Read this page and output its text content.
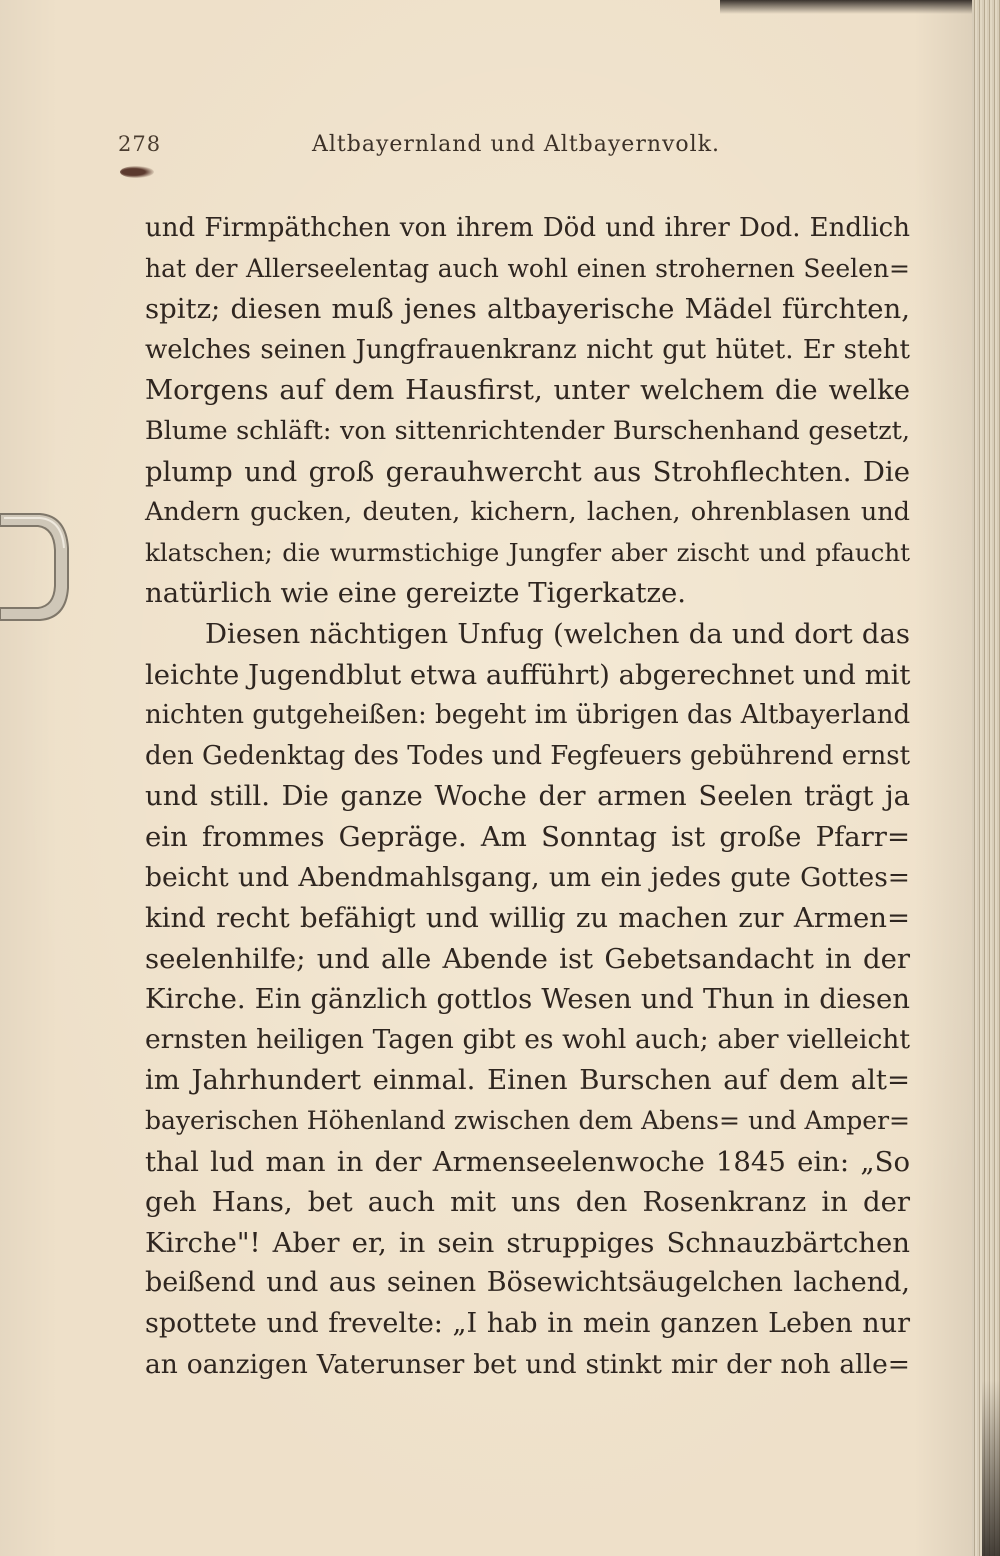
278	Altbayernland und Altbayernvolk.
und Firmpäthchen von ihrem Död und ihrer Dod. Endlich
hat der Allerseelentag auch wohl einen strohernen Seelen=
spitz; diesen muß jenes altbayerische Mädel fürchten,
welches seinen Jungfrauenkranz nicht gut hütet. Er steht
Morgens auf dem Hausfirst, unter welchem die welke
Blume schläft: von sittenrichtender Burschenhand gesetzt,
plump und groß gerauhwercht aus Strohflechten. Die
Andern gucken, deuten, kichern, lachen, ohrenblasen und
klatschen; die wurmstichige Jungfer aber zischt und pfaucht
natürlich wie eine gereizte Tigerkatze.
Diesen nächtigen Unfug (welchen da und dort das
leichte Jugendblut etwa aufführt) abgerechnet und mit
nichten gutgeheißen: begeht im übrigen das Altbayerland
den Gedenktag des Todes und Fegfeuers gebührend ernst
und still. Die ganze Woche der armen Seelen trägt ja
ein frommes Gepräge. Am Sonntag ist große Pfarr=
beicht und Abendmahlsgang, um ein jedes gute Gottes=
kind recht befähigt und willig zu machen zur Armen=
seelenhilfe; und alle Abende ist Gebetsandacht in der
Kirche. Ein gänzlich gottlos Wesen und Thun in diesen
ernsten heiligen Tagen gibt es wohl auch; aber vielleicht
im Jahrhundert einmal. Einen Burschen auf dem alt=
bayerischen Höhenland zwischen dem Abens= und Amper=
thal lud man in der Armenseelenwoche 1845 ein: „So
geh Hans, bet auch mit uns den Rosenkranz in der
Kirche"! Aber er, in sein struppiges Schnauzbärtchen
beißend und aus seinen Bösewichtsäugelchen lachend,
spottete und frevelte: „I hab in mein ganzen Leben nur
an oanzigen Vaterunser bet und stinkt mir der noh alle=
